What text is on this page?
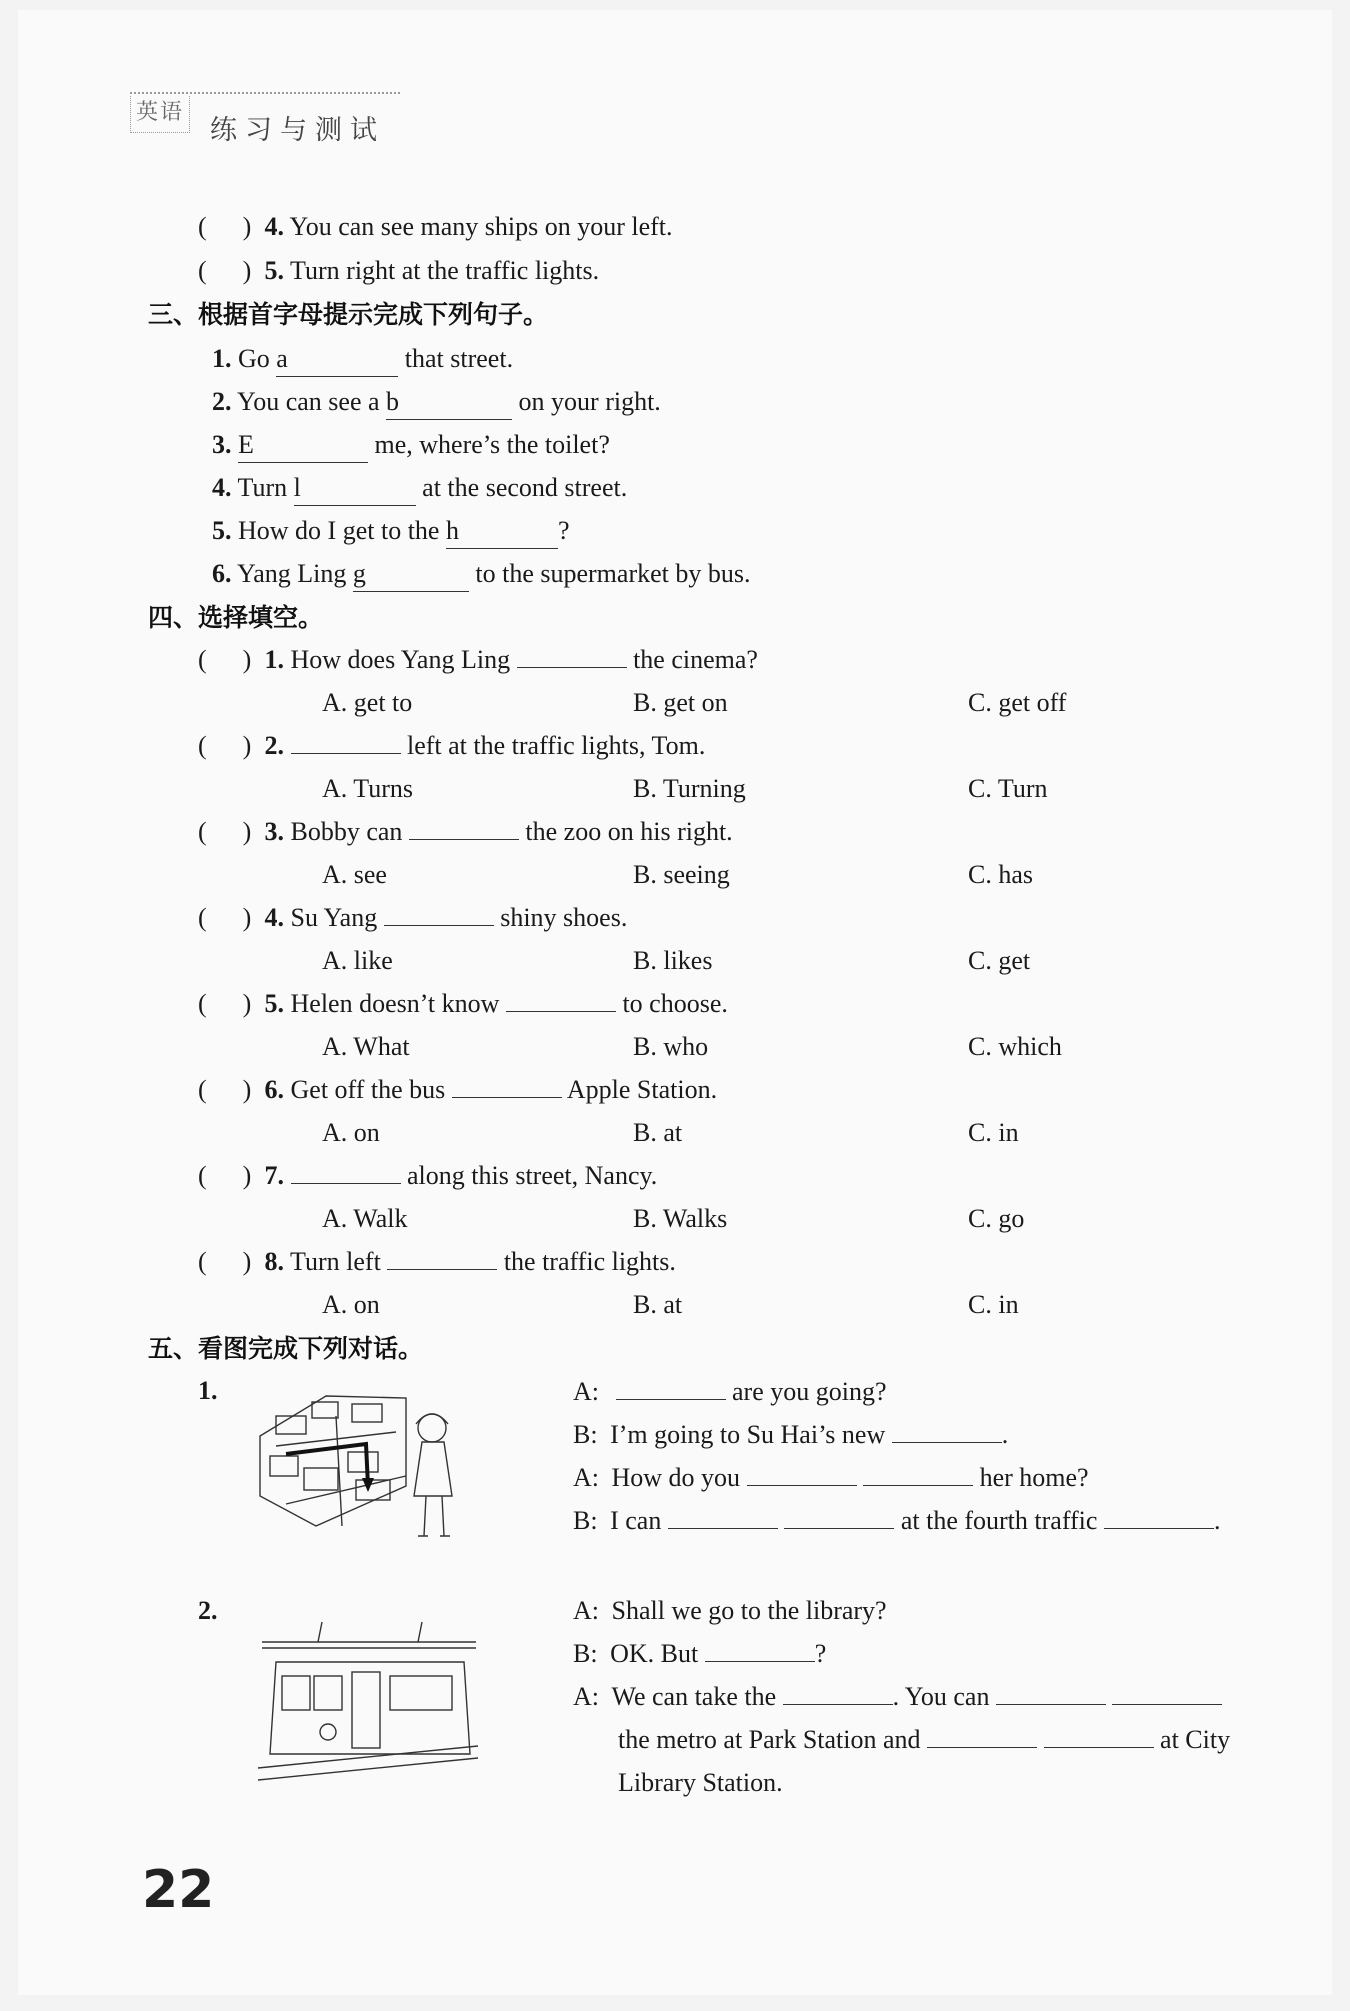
英语
练习与测试
( ) 4. You can see many ships on your left.
( ) 5. Turn right at the traffic lights.
三、根据首字母提示完成下列句子。
1. Go a	that street.
2. You can see a b	on your right.
3. E	me, where’s the toilet?
4. Turn l	at the second street.
5. How do I get to the h	?
6. Yang Ling g	to the supermarket by bus.
四、选择填空。
( ) 1. How does Yang Ling	the cinema?
A. get to	B. get on	C. get off
( ) 2.	left at the traffic lights, Tom.
A. Turns	B. Turning	C. Turn
( ) 3. Bobby can	the zoo on his right.
A. see	B. seeing	C. has
( ) 4. Su Yang	shiny shoes.
A. like	B. likes	C. get
( ) 5. Helen doesn’t know	to choose.
A. What	B. who	C. which
( ) 6. Get off the bus	Apple Station.
A. on	B. at	C. in
( ) 7.	along this street, Nancy.
A. Walk	B. Walks	C. go
( ) 8. Turn left	the traffic lights.
A. on	B. at	C. in
五、看图完成下列对话。
1.	A:	are you going?
B: I’m going to Su Hai’s new	.
A: How do you	her home?
B: I can	at the fourth traffic	.
2.	A: Shall we go to the library?
B: OK. But	?
A: We can take the	. You can
the metro at Park Station and	at City
Library Station.
22
